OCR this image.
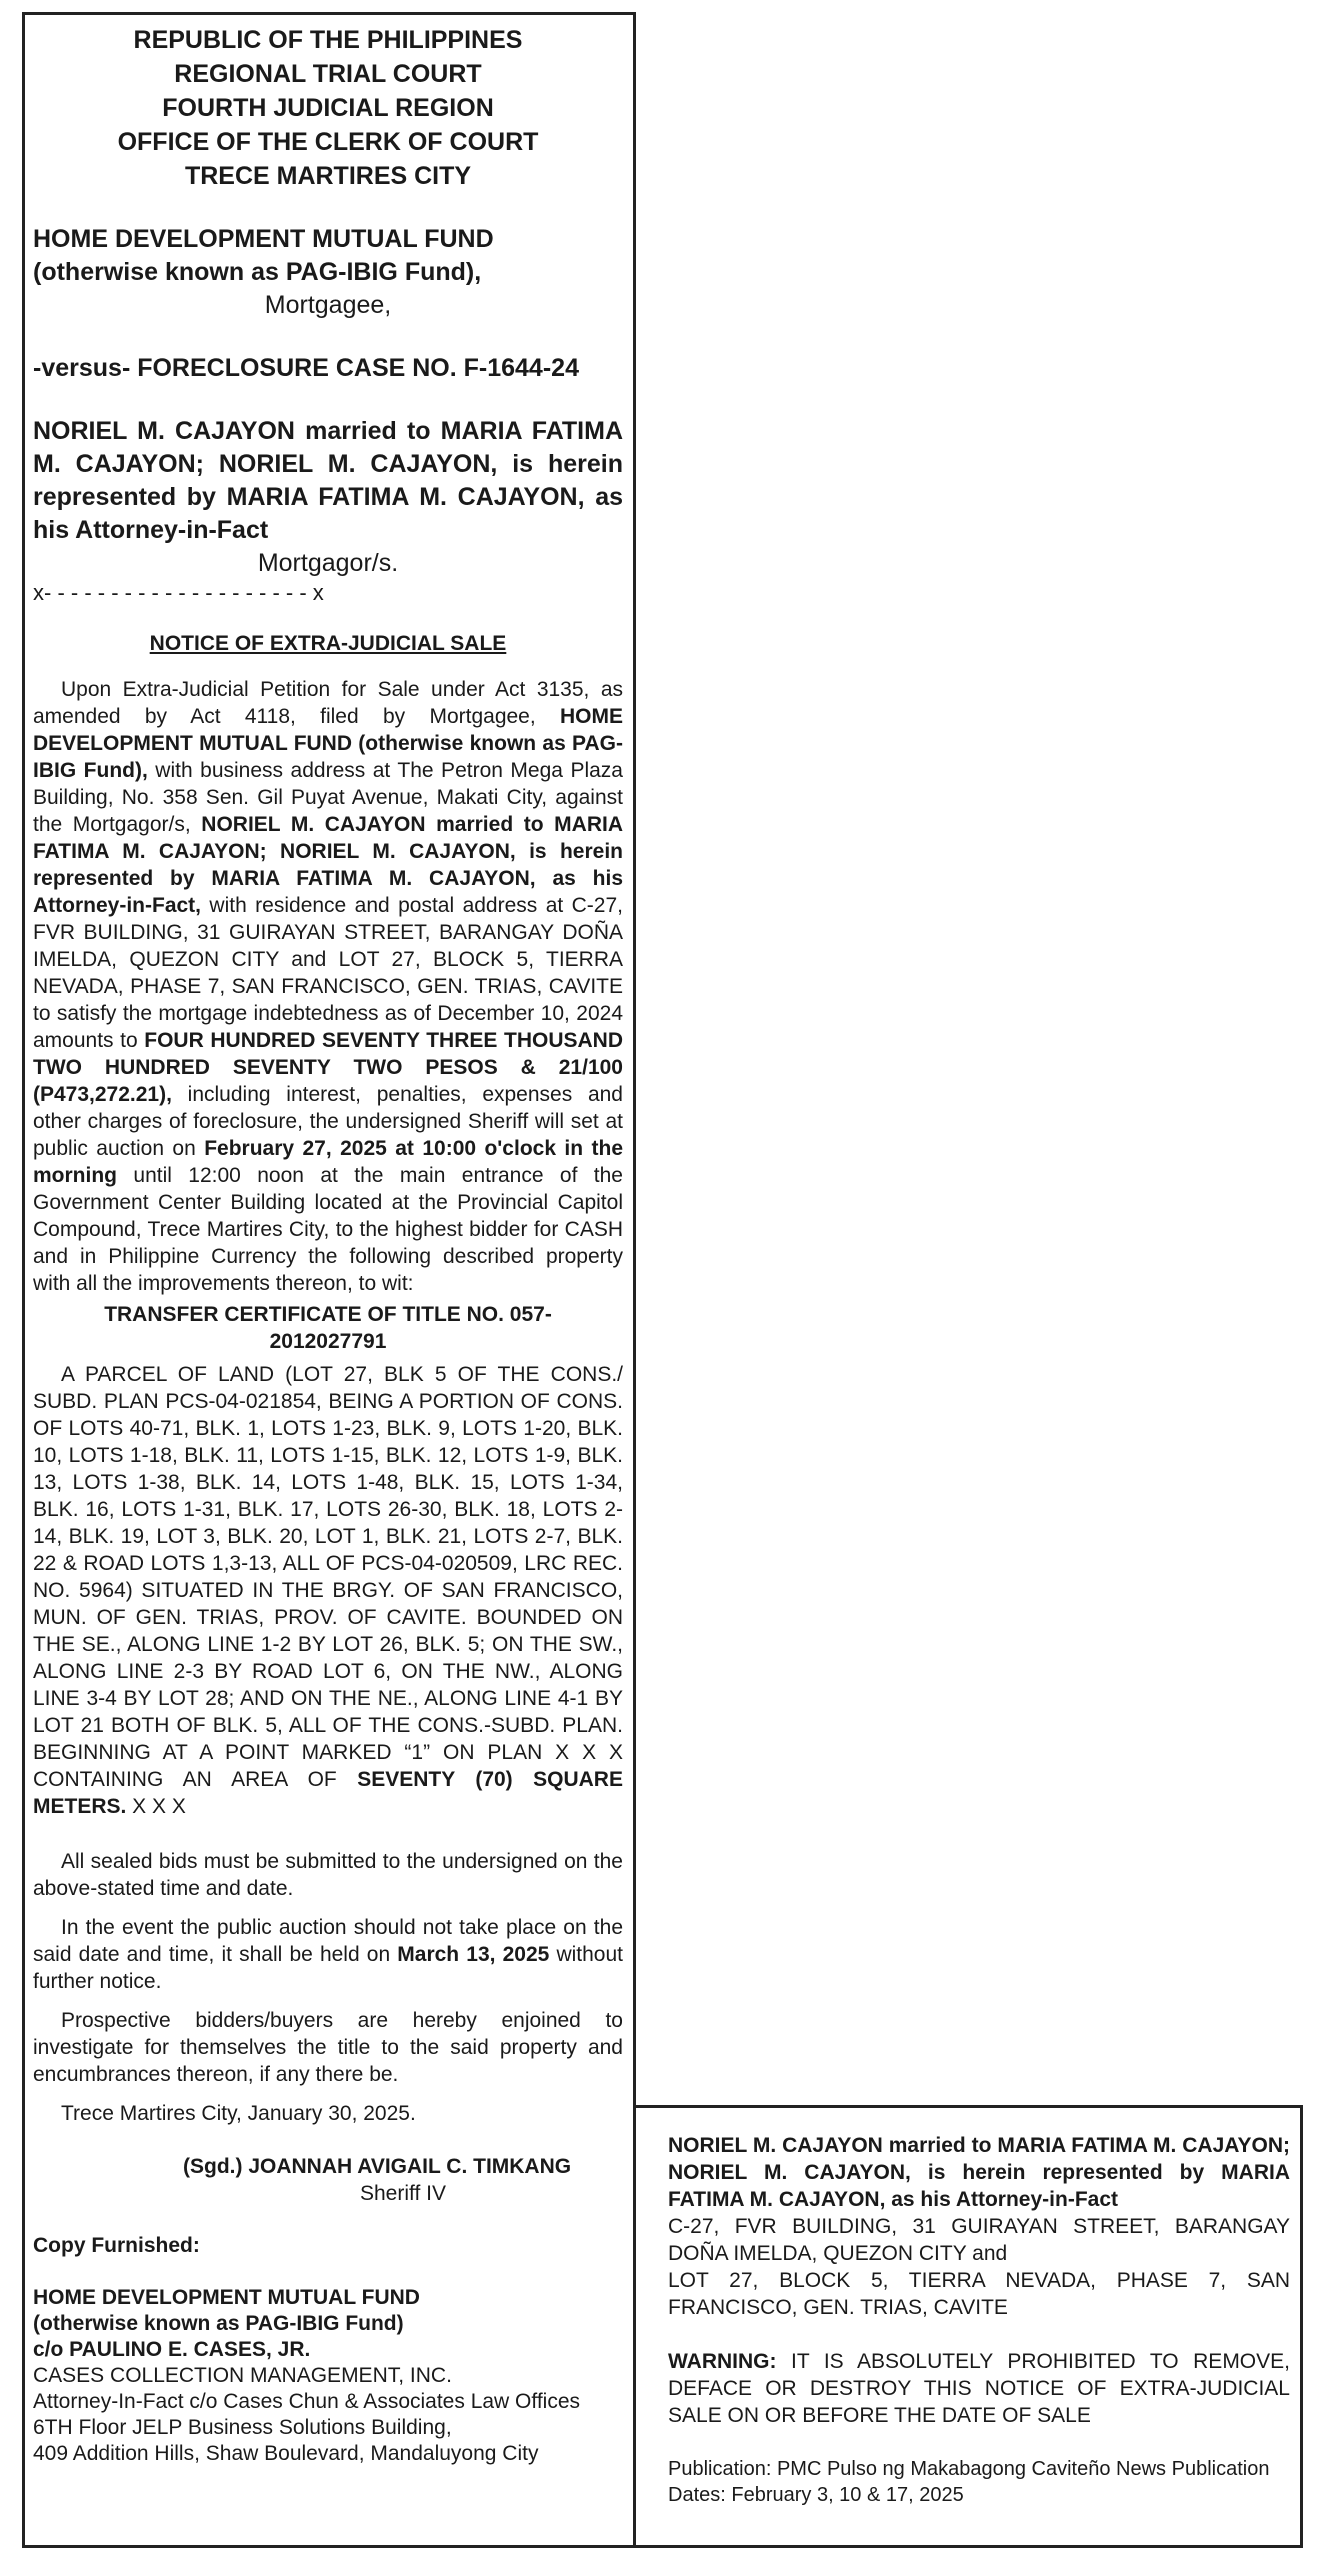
REPUBLIC OF THE PHILIPPINES
REGIONAL TRIAL COURT
FOURTH JUDICIAL REGION
OFFICE OF THE CLERK OF COURT
TRECE MARTIRES CITY
HOME DEVELOPMENT MUTUAL FUND
(otherwise known as PAG-IBIG Fund),
Mortgagee,
-versus- FORECLOSURE CASE NO. F-1644-24
NORIEL M. CAJAYON married to MARIA FATIMA M. CAJAYON; NORIEL M. CAJAYON, is herein represented by MARIA FATIMA M. CAJAYON, as his Attorney-in-Fact
Mortgagor/s.
x- - - - - - - - - - - - - - - - - - - - x
NOTICE OF EXTRA-JUDICIAL SALE

Upon Extra-Judicial Petition for Sale under Act 3135, as amended by Act 4118, filed by Mortgagee, HOME DEVELOPMENT MUTUAL FUND (otherwise known as PAG-IBIG Fund), with business address at The Petron Mega Plaza Building, No. 358 Sen. Gil Puyat Avenue, Makati City, against the Mortgagor/s, NORIEL M. CAJAYON married to MARIA FATIMA M. CAJAYON; NORIEL M. CAJAYON, is herein represented by MARIA FATIMA M. CAJAYON, as his Attorney-in-Fact, with residence and postal address at C-27, FVR BUILDING, 31 GUIRAYAN STREET, BARANGAY DOÑA IMELDA, QUEZON CITY and LOT 27, BLOCK 5, TIERRA NEVADA, PHASE 7, SAN FRANCISCO, GEN. TRIAS, CAVITE to satisfy the mortgage indebtedness as of December 10, 2024 amounts to FOUR HUNDRED SEVENTY THREE THOUSAND TWO HUNDRED SEVENTY TWO PESOS & 21/100 (P473,272.21), including interest, penalties, expenses and other charges of foreclosure, the undersigned Sheriff will set at public auction on February 27, 2025 at 10:00 o'clock in the morning until 12:00 noon at the main entrance of the Government Center Building located at the Provincial Capitol Compound, Trece Martires City, to the highest bidder for CASH and in Philippine Currency the following described property with all the improvements thereon, to wit:

TRANSFER CERTIFICATE OF TITLE NO. 057-
2012027791

A PARCEL OF LAND (LOT 27, BLK 5 OF THE CONS./ SUBD. PLAN PCS-04-021854, BEING A PORTION OF CONS. OF LOTS 40-71, BLK. 1, LOTS 1-23, BLK. 9, LOTS 1-20, BLK. 10, LOTS 1-18, BLK. 11, LOTS 1-15, BLK. 12, LOTS 1-9, BLK. 13, LOTS 1-38, BLK. 14, LOTS 1-48, BLK. 15, LOTS 1-34, BLK. 16, LOTS 1-31, BLK. 17, LOTS 26-30, BLK. 18, LOTS 2-14, BLK. 19, LOT 3, BLK. 20, LOT 1, BLK. 21, LOTS 2-7, BLK. 22 & ROAD LOTS 1,3-13, ALL OF PCS-04-020509, LRC REC. NO. 5964) SITUATED IN THE BRGY. OF SAN FRANCISCO, MUN. OF GEN. TRIAS, PROV. OF CAVITE. BOUNDED ON THE SE., ALONG LINE 1-2 BY LOT 26, BLK. 5; ON THE SW., ALONG LINE 2-3 BY ROAD LOT 6, ON THE NW., ALONG LINE 3-4 BY LOT 28; AND ON THE NE., ALONG LINE 4-1 BY LOT 21 BOTH OF BLK. 5, ALL OF THE CONS.-SUBD. PLAN. BEGINNING AT A POINT MARKED “1” ON PLAN X X X CONTAINING AN AREA OF SEVENTY (70) SQUARE METERS. X X X

All sealed bids must be submitted to the undersigned on the above-stated time and date.

In the event the public auction should not take place on the said date and time, it shall be held on March 13, 2025 without further notice.

Prospective bidders/buyers are hereby enjoined to investigate for themselves the title to the said property and encumbrances thereon, if any there be.

Trece Martires City, January 30, 2025.

(Sgd.) JOANNAH AVIGAIL C. TIMKANG
Sheriff IV
Copy Furnished:
HOME DEVELOPMENT MUTUAL FUND
(otherwise known as PAG-IBIG Fund)
c/o PAULINO E. CASES, JR.
CASES COLLECTION MANAGEMENT, INC.
Attorney-In-Fact c/o Cases Chun & Associates Law Offices
6TH Floor JELP Business Solutions Building,
409 Addition Hills, Shaw Boulevard, Mandaluyong City

NORIEL M. CAJAYON married to MARIA FATIMA M. CAJAYON; NORIEL M. CAJAYON, is herein represented by MARIA FATIMA M. CAJAYON, as his Attorney-in-Fact

C-27, FVR BUILDING, 31 GUIRAYAN STREET, BARANGAY DOÑA IMELDA, QUEZON CITY and

LOT 27, BLOCK 5, TIERRA NEVADA, PHASE 7, SAN FRANCISCO, GEN. TRIAS, CAVITE

WARNING: IT IS ABSOLUTELY PROHIBITED TO REMOVE, DEFACE OR DESTROY THIS NOTICE OF EXTRA-JUDICIAL SALE ON OR BEFORE THE DATE OF SALE

Publication: PMC Pulso ng Makabagong Caviteño News Publication
Dates: February 3, 10 & 17, 2025
